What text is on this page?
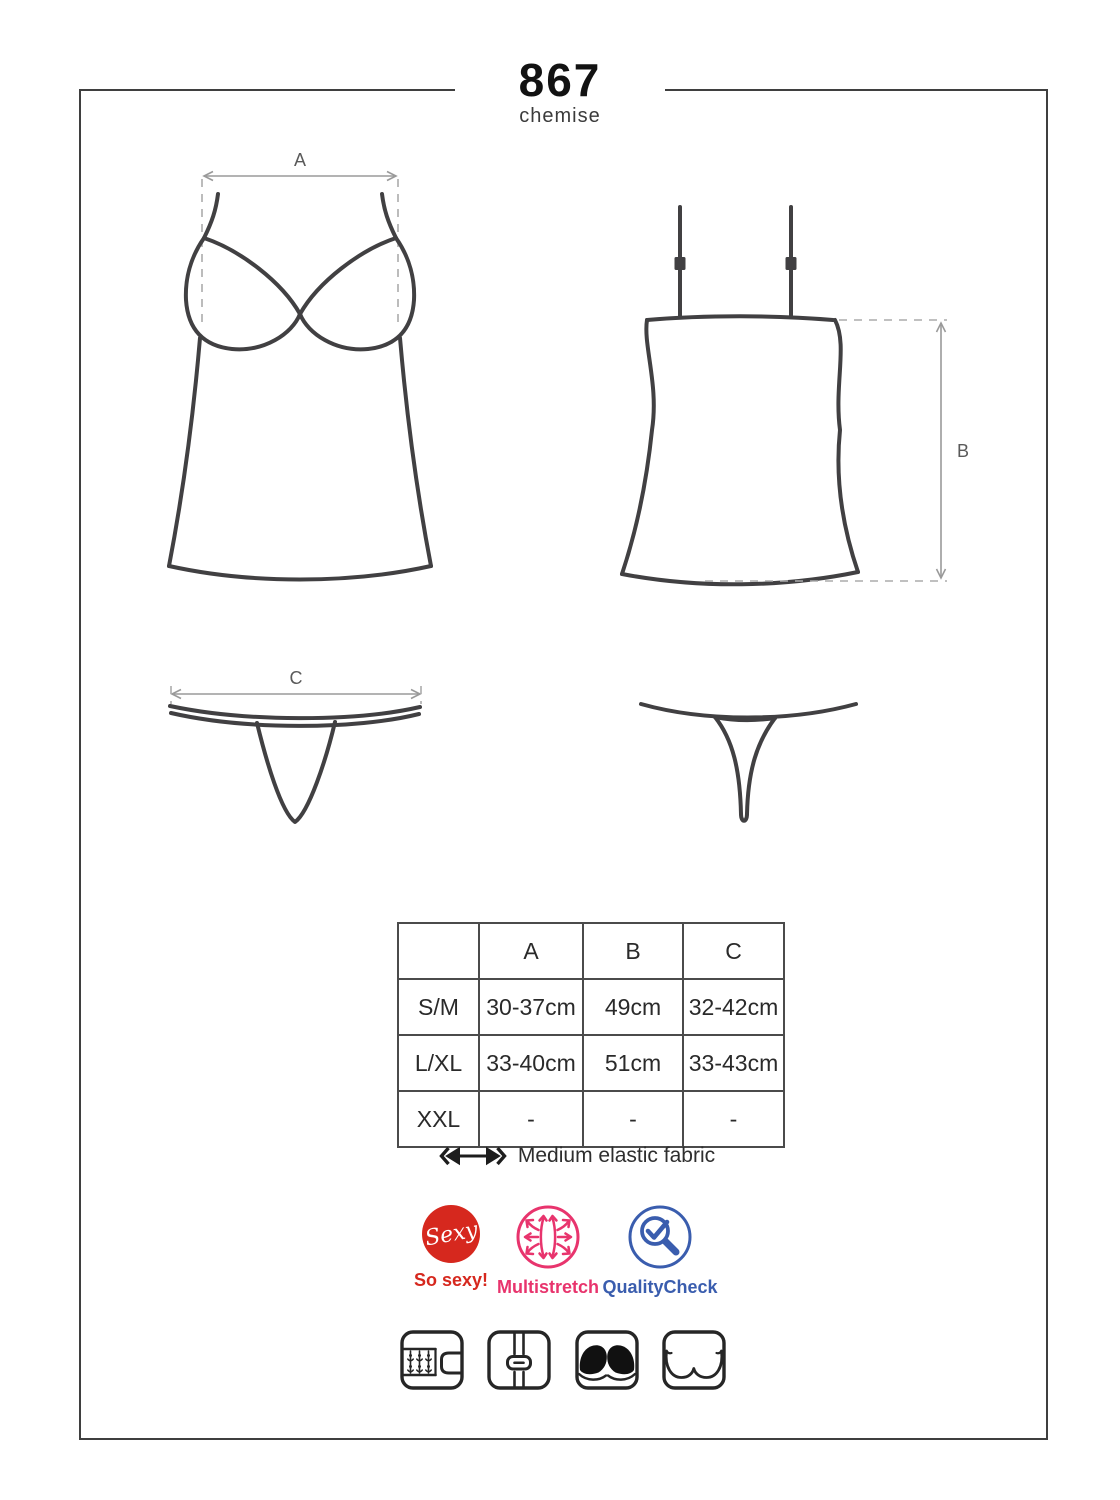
867
chemise
A
B
C
	A	B	C
S/M	30-37cm	49cm	32-42cm
L/XL	33-40cm	51cm	33-43cm
XXL	-	-	-
Medium elastic fabric
Sexy
So sexy! Multistretch QualityCheck
